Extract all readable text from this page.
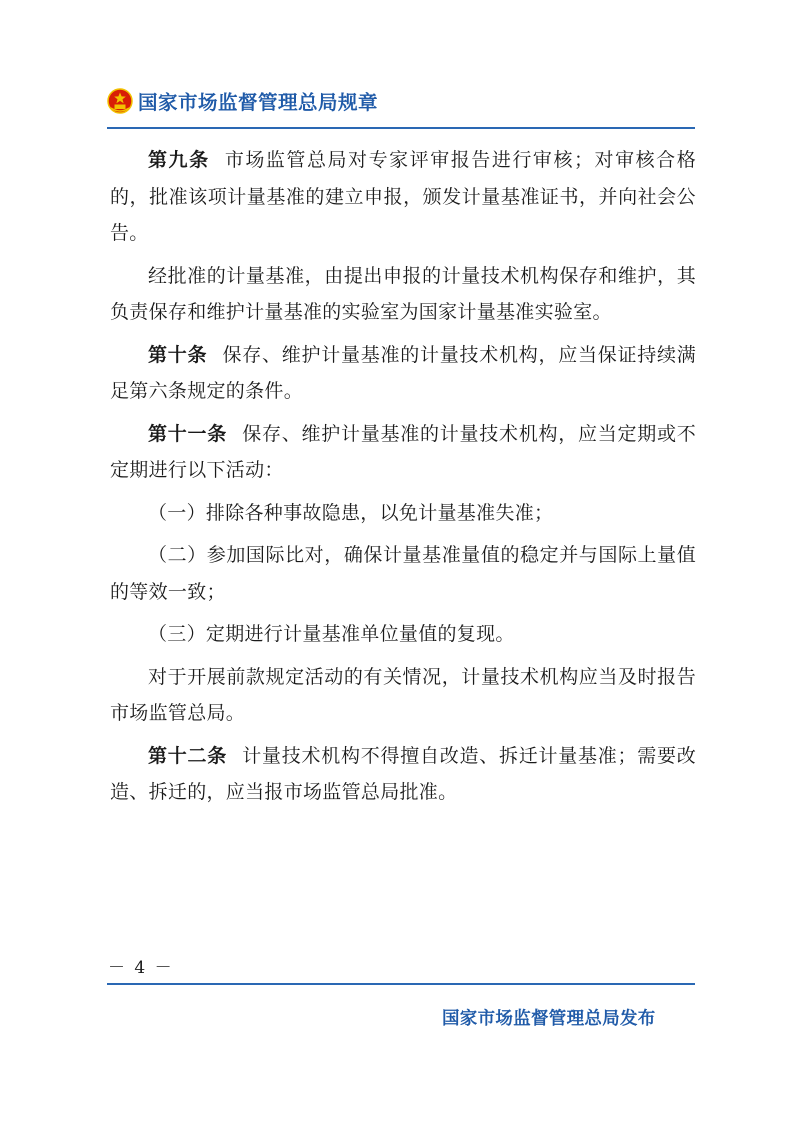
国家市场监督管理总局规章

第九条 市场监管总局对专家评审报告进行审核；对审核合格的，批准该项计量基准的建立申报，颁发计量基准证书，并向社会公告。

经批准的计量基准，由提出申报的计量技术机构保存和维护，其负责保存和维护计量基准的实验室为国家计量基准实验室。

第十条 保存、维护计量基准的计量技术机构，应当保证持续满足第六条规定的条件。

第十一条 保存、维护计量基准的计量技术机构，应当定期或不定期进行以下活动：

（一）排除各种事故隐患，以免计量基准失准；

（二）参加国际比对，确保计量基准量值的稳定并与国际上量值的等效一致；

（三）定期进行计量基准单位量值的复现。

对于开展前款规定活动的有关情况，计量技术机构应当及时报告市场监管总局。

第十二条 计量技术机构不得擅自改造、拆迁计量基准；需要改造、拆迁的，应当报市场监管总局批准。

－ 4 －
国家市场监督管理总局发布
